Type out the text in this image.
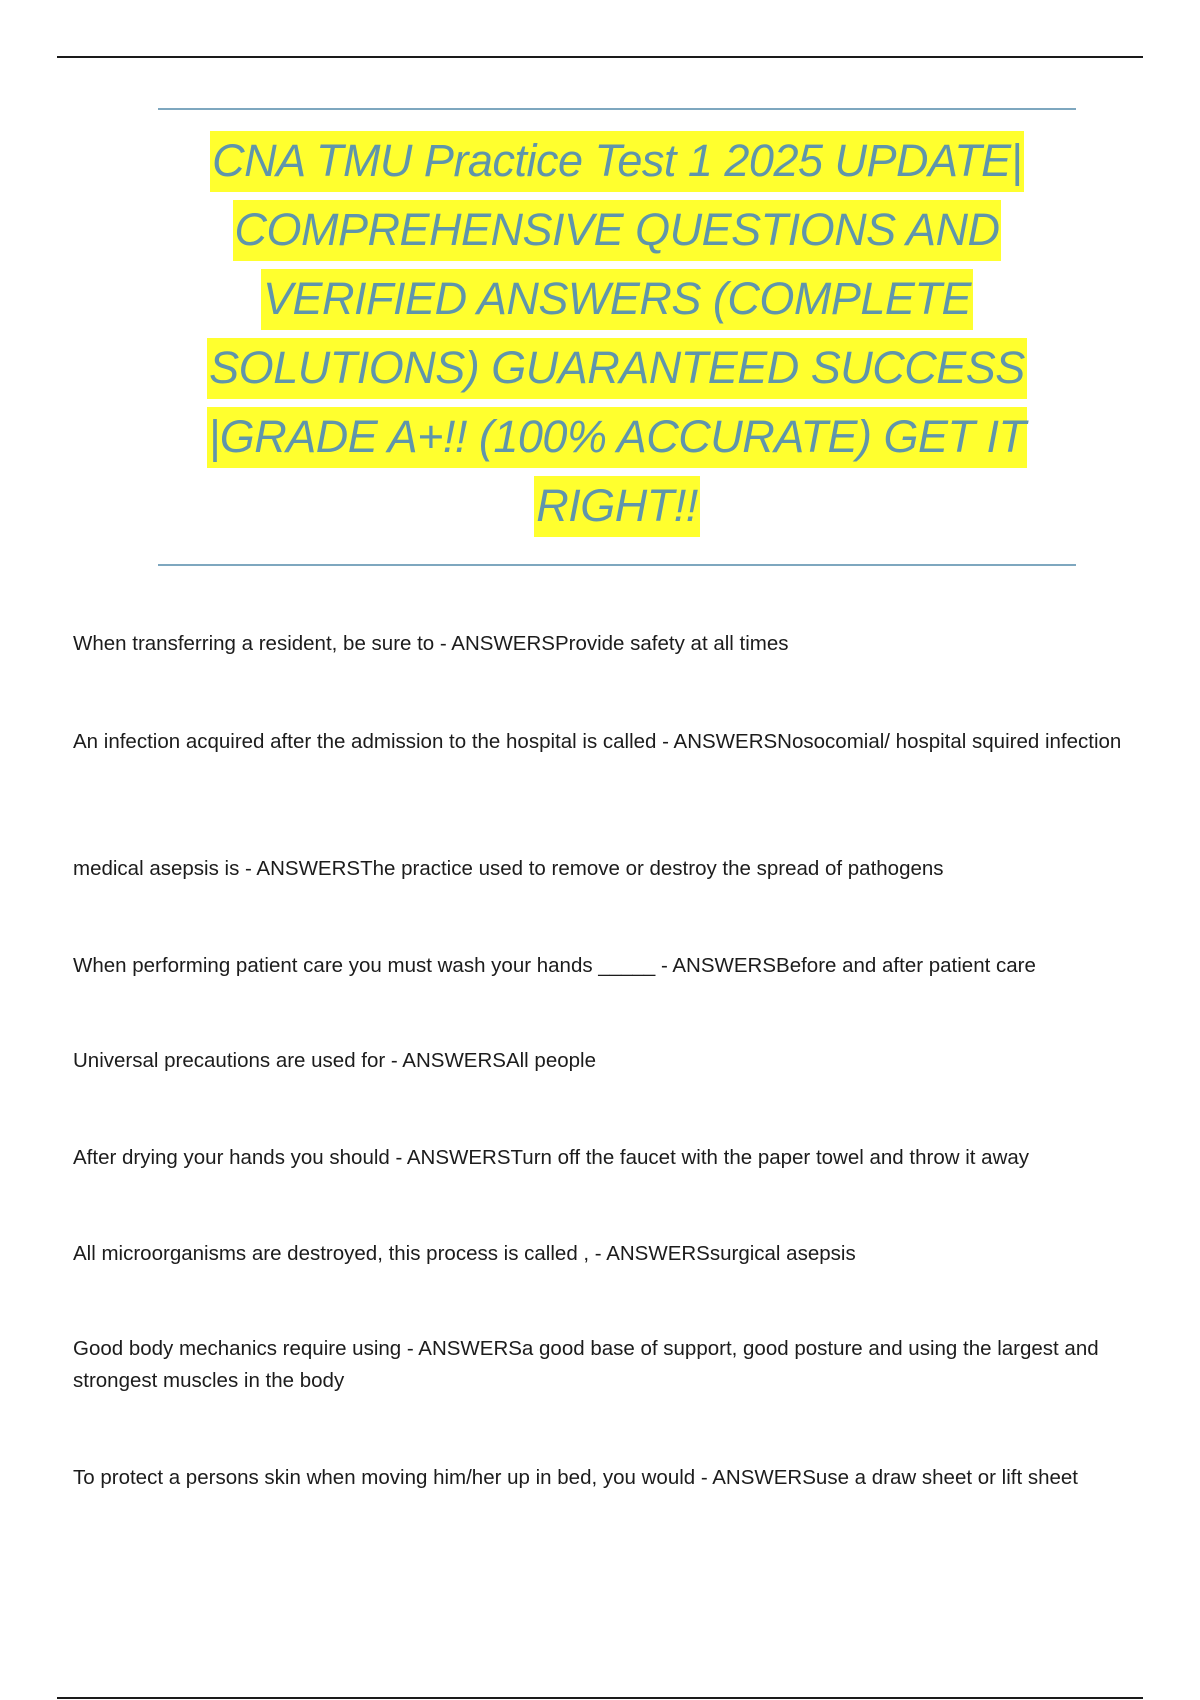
CNA TMU Practice Test 1 2025 UPDATE|
COMPREHENSIVE QUESTIONS AND
VERIFIED ANSWERS (COMPLETE
SOLUTIONS) GUARANTEED SUCCESS
|GRADE A+!! (100% ACCURATE) GET IT
RIGHT!!
When transferring a resident, be sure to - ANSWERSProvide safety at all times
An infection acquired after the admission to the hospital is called - ANSWERSNosocomial/ hospital squired infection
medical asepsis is - ANSWERSThe practice used to remove or destroy the spread of pathogens
When performing patient care you must wash your hands _____ - ANSWERSBefore and after patient care
Universal precautions are used for - ANSWERSAll people
After drying your hands you should - ANSWERSTurn off the faucet with the paper towel and throw it away
All microorganisms are destroyed, this process is called , - ANSWERSsurgical asepsis
Good body mechanics require using - ANSWERSa good base of support, good posture and using the largest and strongest muscles in the body
To protect a persons skin when moving him/her up in bed, you would - ANSWERSuse a draw sheet or lift sheet
